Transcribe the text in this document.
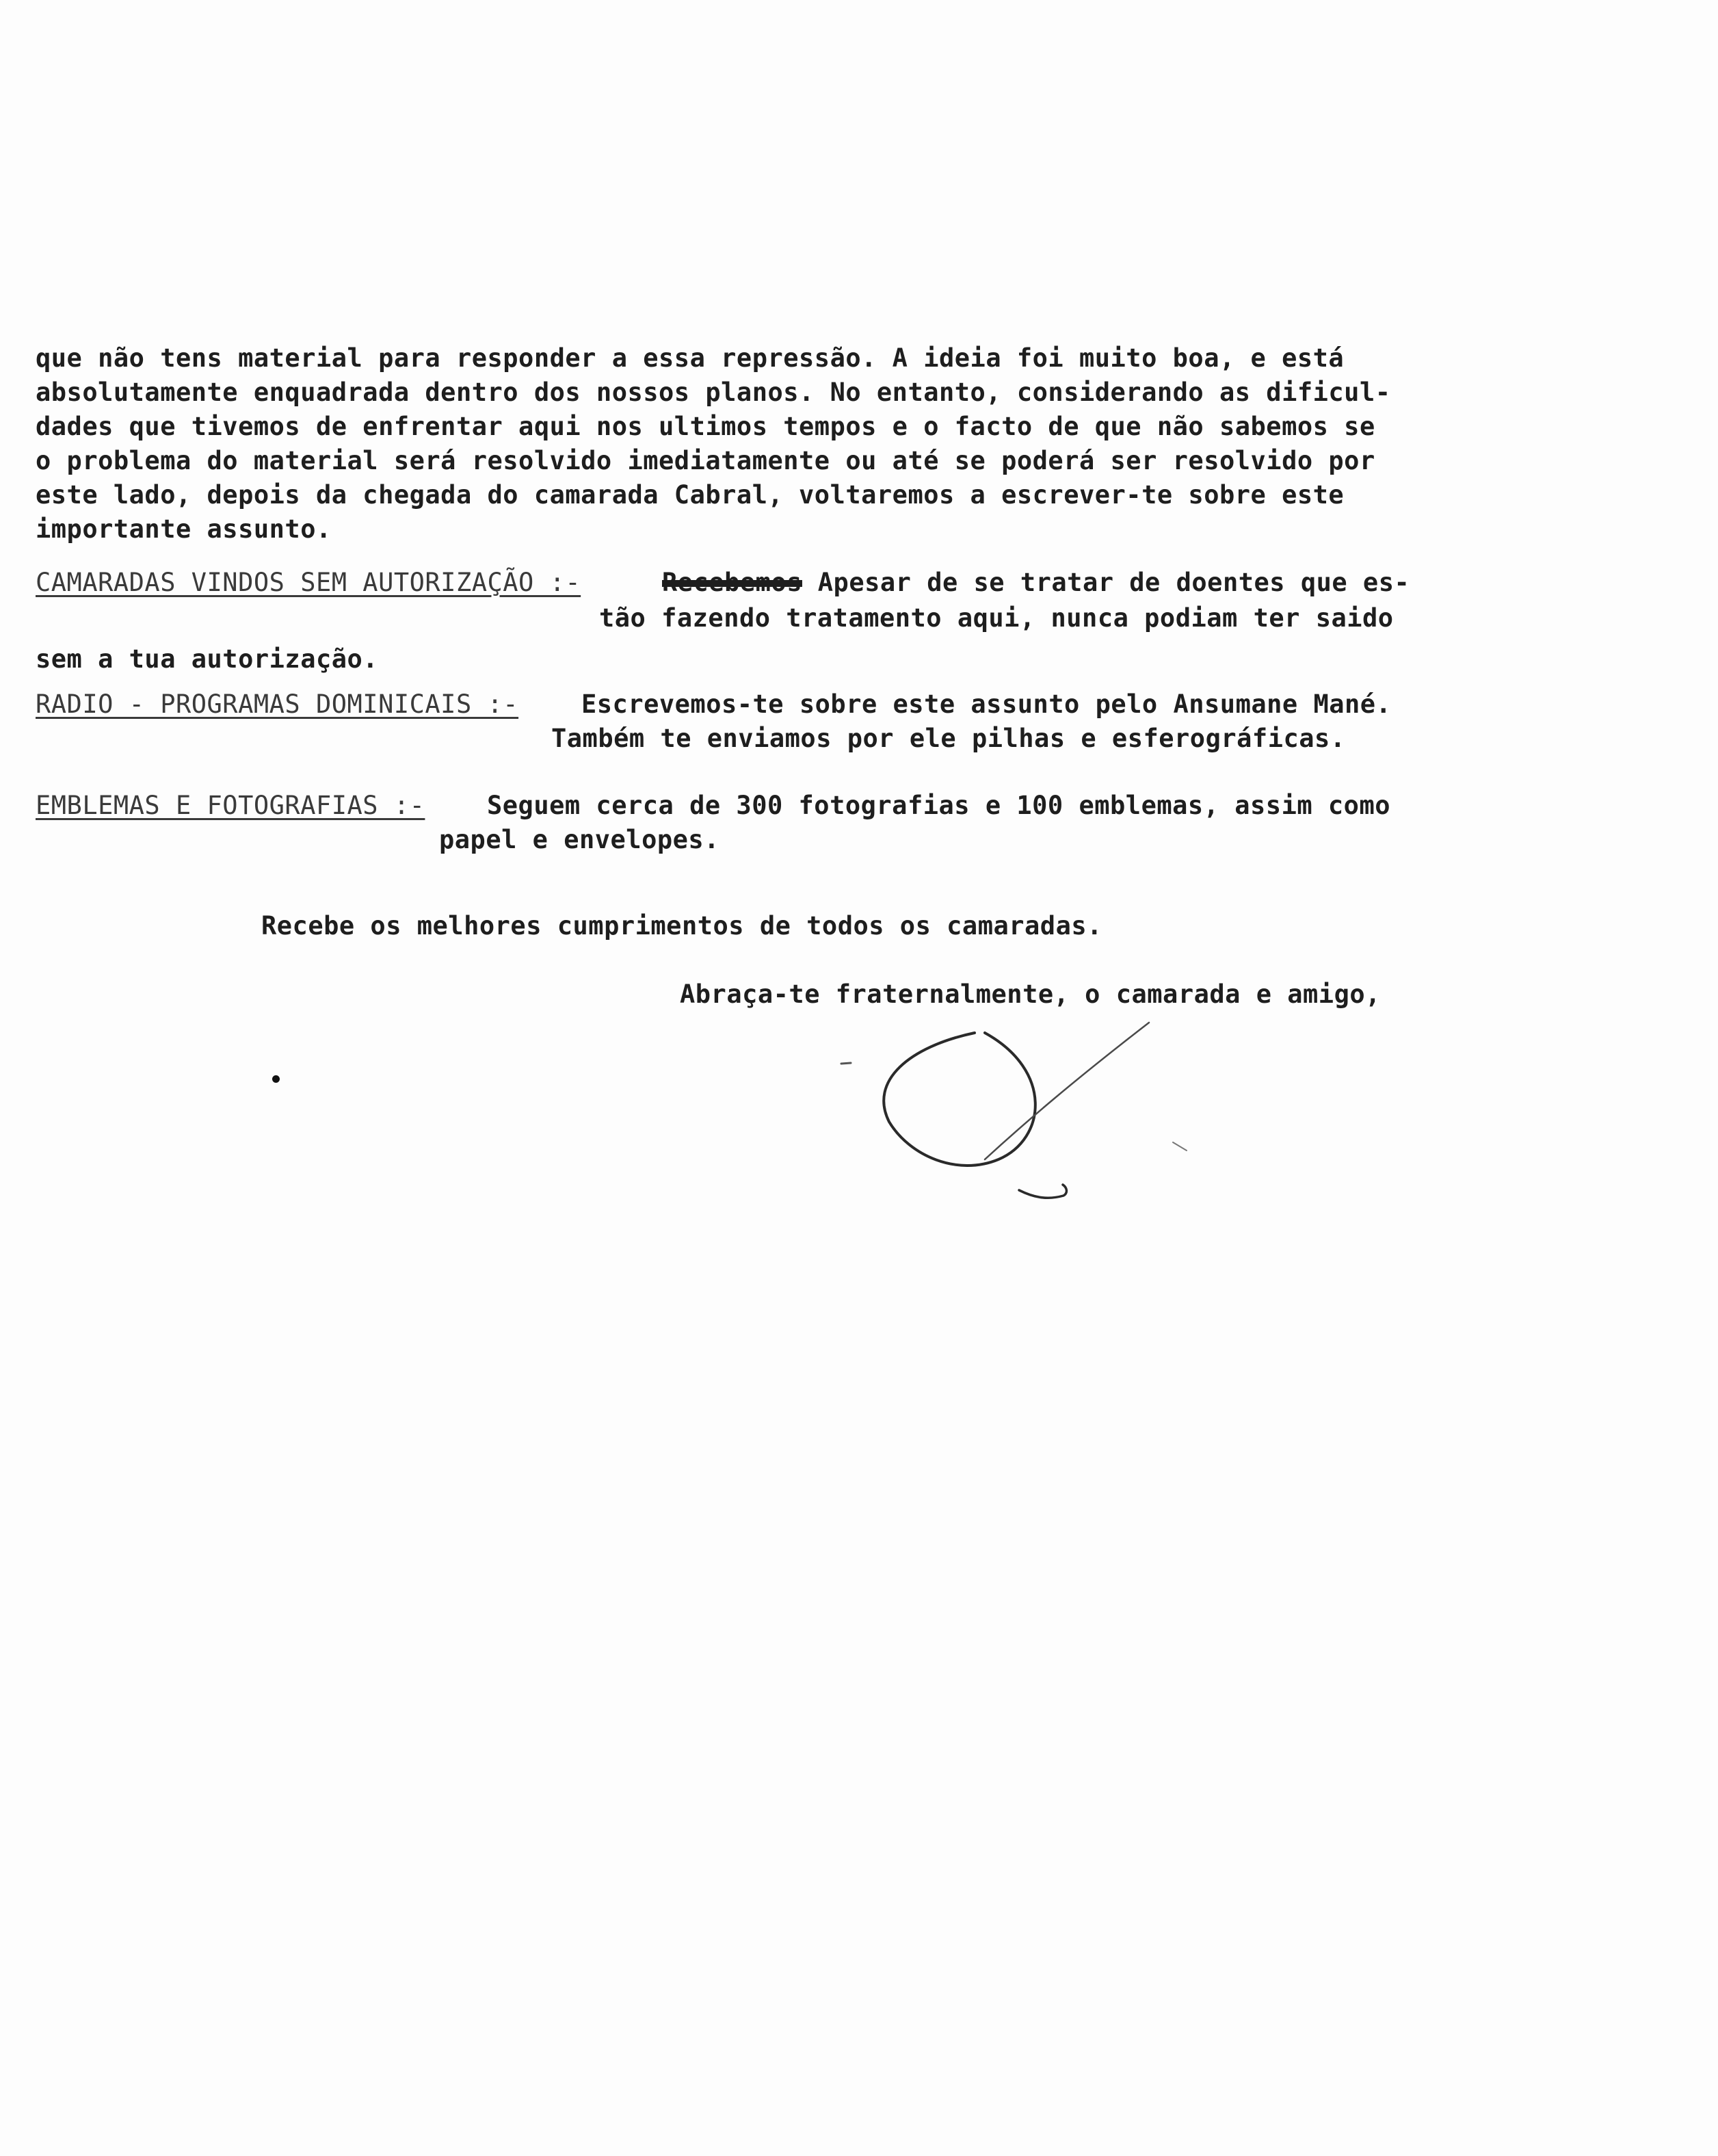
que não tens material para responder a essa repressão. A ideia foi muito boa, e está
absolutamente enquadrada dentro dos nossos planos. No entanto, considerando as dificul-
dades que tivemos de enfrentar aqui nos ultimos tempos e o facto de que não sabemos se
o problema do material será resolvido imediatamente ou até se poderá ser resolvido por
este lado, depois da chegada do camarada Cabral, voltaremos a escrever-te sobre este
importante assunto.
CAMARADAS VINDOS SEM AUTORIZAÇÃO :-	Recebemos Apesar de se tratar de doentes que es-
tão fazendo tratamento aqui, nunca podiam ter saido
sem a tua autorização.
RADIO - PROGRAMAS DOMINICAIS :- Escrevemos-te sobre este assunto pelo Ansumane Mané.
Também te enviamos por ele pilhas e esferográficas.
EMBLEMAS E FOTOGRAFIAS :- Seguem cerca de 300 fotografias e 100 emblemas, assim como
papel e envelopes.
Recebe os melhores cumprimentos de todos os camaradas.
Abraça-te fraternalmente, o camarada e amigo,
